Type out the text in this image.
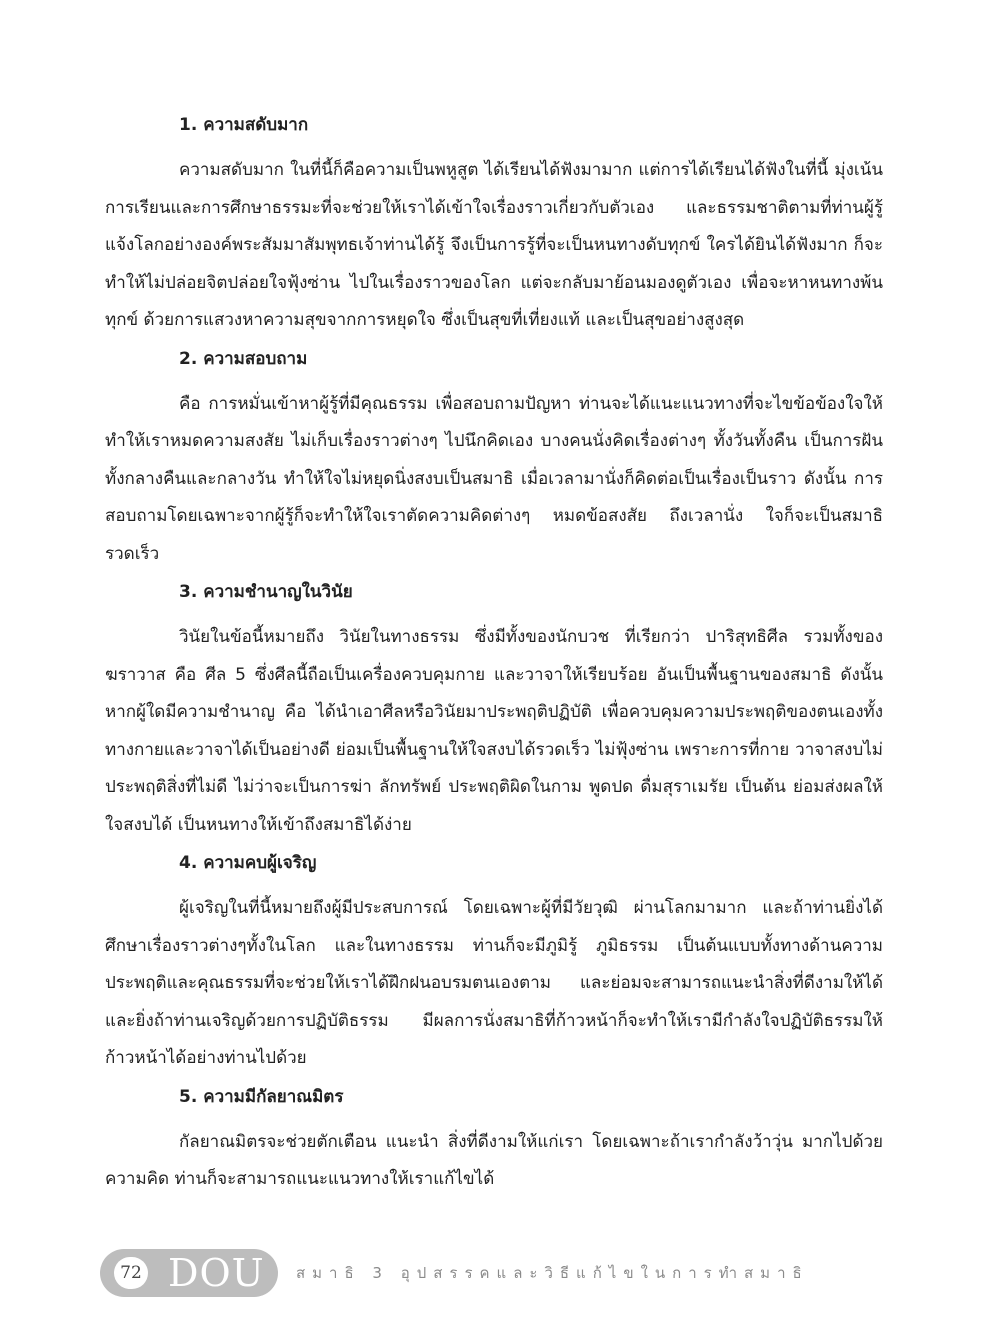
1. ความสดับมาก

ความสดับมาก ในที่นี้ก็คือความเป็นพหูสูต ได้เรียนได้ฟังมามาก แต่การได้เรียนได้ฟังในที่นี้ มุ่งเน้นการเรียนและการศึกษาธรรมะที่จะช่วยให้เราได้เข้าใจเรื่องราวเกี่ยวกับตัวเอง และธรรมชาติตามที่ท่านผู้รู้แจ้งโลกอย่างองค์พระสัมมาสัมพุทธเจ้าท่านได้รู้ จึงเป็นการรู้ที่จะเป็นหนทางดับทุกข์ ใครได้ยินได้ฟังมาก ก็จะทำให้ไม่ปล่อยจิตปล่อยใจฟุ้งซ่าน ไปในเรื่องราวของโลก แต่จะกลับมาย้อนมองดูตัวเอง เพื่อจะหาหนทางพ้นทุกข์ ด้วยการแสวงหาความสุขจากการหยุดใจ ซึ่งเป็นสุขที่เที่ยงแท้ และเป็นสุขอย่างสูงสุด

2. ความสอบถาม

คือ การหมั่นเข้าหาผู้รู้ที่มีคุณธรรม เพื่อสอบถามปัญหา ท่านจะได้แนะแนวทางที่จะไขข้อข้องใจให้ ทำให้เราหมดความสงสัย ไม่เก็บเรื่องราวต่างๆ ไปนึกคิดเอง บางคนนั่งคิดเรื่องต่างๆ ทั้งวันทั้งคืน เป็นการฝันทั้งกลางคืนและกลางวัน ทำให้ใจไม่หยุดนิ่งสงบเป็นสมาธิ เมื่อเวลามานั่งก็คิดต่อเป็นเรื่องเป็นราว ดังนั้น การสอบถามโดยเฉพาะจากผู้รู้ก็จะทำให้ใจเราตัดความคิดต่างๆ หมดข้อสงสัย ถึงเวลานั่ง ใจก็จะเป็นสมาธิรวดเร็ว

3. ความชำนาญในวินัย

วินัยในข้อนี้หมายถึง วินัยในทางธรรม ซึ่งมีทั้งของนักบวช ที่เรียกว่า ปาริสุทธิศีล รวมทั้งของฆราวาส คือ ศีล 5 ซึ่งศีลนี้ถือเป็นเครื่องควบคุมกาย และวาจาให้เรียบร้อย อันเป็นพื้นฐานของสมาธิ ดังนั้น หากผู้ใดมีความชำนาญ คือ ได้นำเอาศีลหรือวินัยมาประพฤติปฏิบัติ เพื่อควบคุมความประพฤติของตนเองทั้งทางกายและวาจาได้เป็นอย่างดี ย่อมเป็นพื้นฐานให้ใจสงบได้รวดเร็ว ไม่ฟุ้งซ่าน เพราะการที่กาย วาจาสงบไม่ประพฤติสิ่งที่ไม่ดี ไม่ว่าจะเป็นการฆ่า ลักทรัพย์ ประพฤติผิดในกาม พูดปด ดื่มสุราเมรัย เป็นต้น ย่อมส่งผลให้ใจสงบได้ เป็นหนทางให้เข้าถึงสมาธิได้ง่าย

4. ความคบผู้เจริญ

ผู้เจริญในที่นี้หมายถึงผู้มีประสบการณ์ โดยเฉพาะผู้ที่มีวัยวุฒิ ผ่านโลกมามาก และถ้าท่านยิ่งได้ศึกษาเรื่องราวต่างๆทั้งในโลก และในทางธรรม ท่านก็จะมีภูมิรู้ ภูมิธรรม เป็นต้นแบบทั้งทางด้านความประพฤติและคุณธรรมที่จะช่วยให้เราได้ฝึกฝนอบรมตนเองตาม และย่อมจะสามารถแนะนำสิ่งที่ดีงามให้ได้ และยิ่งถ้าท่านเจริญด้วยการปฏิบัติธรรม มีผลการนั่งสมาธิที่ก้าวหน้าก็จะทำให้เรามีกำลังใจปฏิบัติธรรมให้ก้าวหน้าได้อย่างท่านไปด้วย

5. ความมีกัลยาณมิตร

กัลยาณมิตรจะช่วยตักเตือน แนะนำ สิ่งที่ดีงามให้แก่เรา โดยเฉพาะถ้าเรากำลังว้าวุ่น มากไปด้วยความคิด ท่านก็จะสามารถแนะแนวทางให้เราแก้ไขได้

72 DOU สมาธิ 3 อุปสรรคและวิธีแก้ไขในการทำสมาธิ
